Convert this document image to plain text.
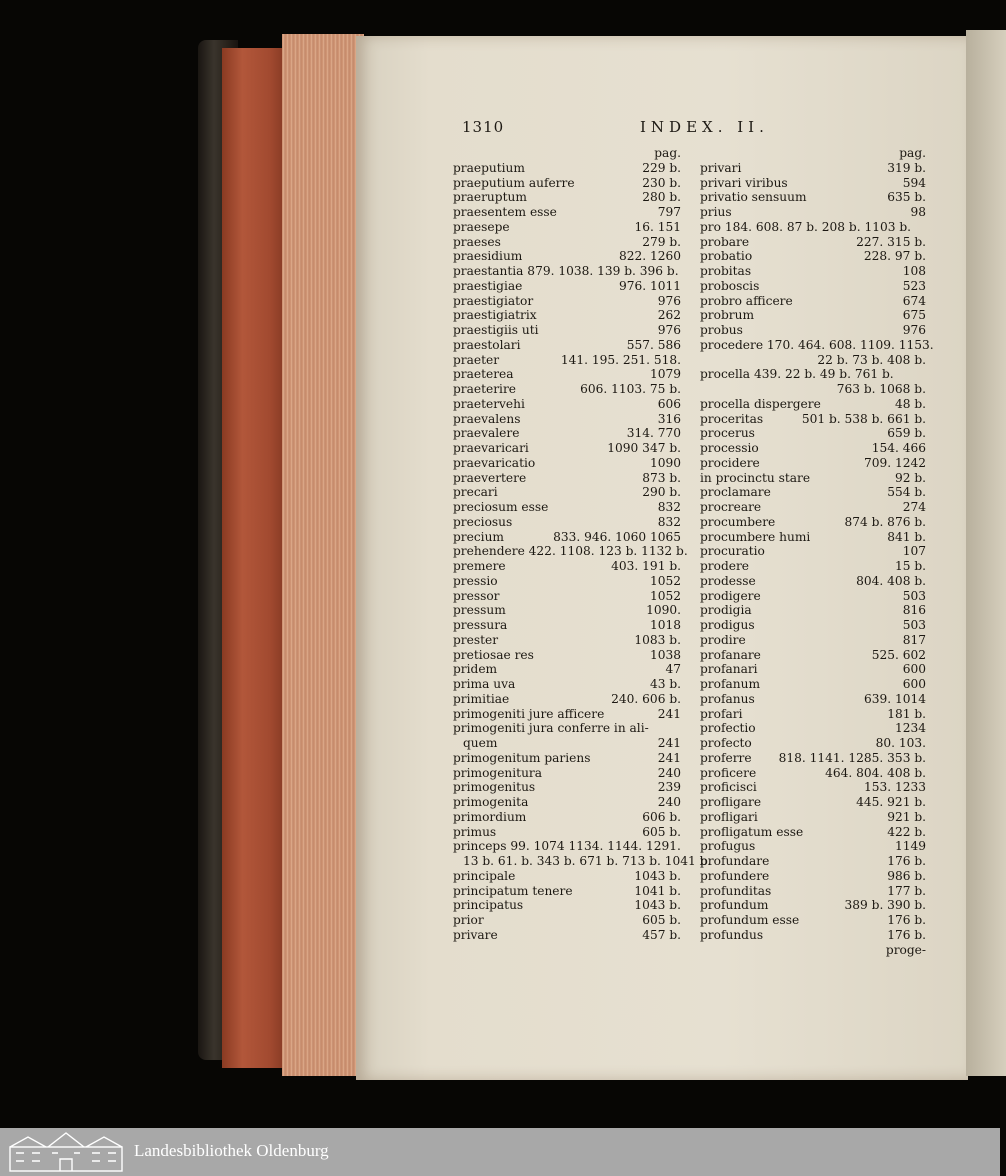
1310	INDEX. II.
pag.
praeputium	229 b.
praeputium auferre	230 b.
praeruptum	280 b.
praesentem esse	797
praesepe	16. 151
praeses	279 b.
praesidium	822. 1260
praestantia 879. 1038. 139 b. 396 b.
praestigiae	976. 1011
praestigiator	976
praestigiatrix	262
praestigiis uti	976
praestolari	557. 586
praeter	141. 195. 251. 518.
praeterea	1079
praeterire	606. 1103. 75 b.
praetervehi	606
praevalens	316
praevalere	314. 770
praevaricari	1090 347 b.
praevaricatio	1090
praevertere	873 b.
precari	290 b.
preciosum esse	832
preciosus	832
precium	833. 946. 1060 1065
prehendere 422. 1108. 123 b. 1132 b.
premere	403. 191 b.
pressio	1052
pressor	1052
pressum	1090.
pressura	1018
prester	1083 b.
pretiosae res	1038
pridem	47
prima uva	43 b.
primitiae	240. 606 b.
primogeniti jure afficere	241
primogeniti jura conferre in ali-
quem	241
primogenitum pariens	241
primogenitura	240
primogenitus	239
primogenita	240
primordium	606 b.
primus	605 b.
princeps 99. 1074 1134. 1144. 1291.
13 b. 61. b. 343 b. 671 b. 713 b. 1041 b.
principale	1043 b.
principatum tenere	1041 b.
principatus	1043 b.
prior	605 b.
privare	457 b.
pag.
privari	319 b.
privari viribus	594
privatio sensuum	635 b.
prius	98
pro 184. 608. 87 b. 208 b. 1103 b.
probare	227. 315 b.
probatio	228. 97 b.
probitas	108
proboscis	523
probro afficere	674
probrum	675
probus	976
procedere 170. 464. 608. 1109. 1153.
22 b. 73 b. 408 b.
procella 439. 22 b. 49 b. 761 b.
763 b. 1068 b.
procella dispergere	48 b.
proceritas	501 b. 538 b. 661 b.
procerus	659 b.
processio	154. 466
procidere	709. 1242
in procinctu stare	92 b.
proclamare	554 b.
procreare	274
procumbere	874 b. 876 b.
procumbere humi	841 b.
procuratio	107
prodere	15 b.
prodesse	804. 408 b.
prodigere	503
prodigia	816
prodigus	503
prodire	817
profanare	525. 602
profanari	600
profanum	600
profanus	639. 1014
profari	181 b.
profectio	1234
profecto	80. 103.
proferre 818. 1141. 1285. 353 b.
proficere	464. 804. 408 b.
proficisci	153. 1233
profligare	445. 921 b.
profligari	921 b.
profligatum esse	422 b.
profugus	1149
profundare	176 b.
profundere	986 b.
profunditas	177 b.
profundum	389 b. 390 b.
profundum esse	176 b.
profundus	176 b.
proge-
Landesbibliothek Oldenburg
